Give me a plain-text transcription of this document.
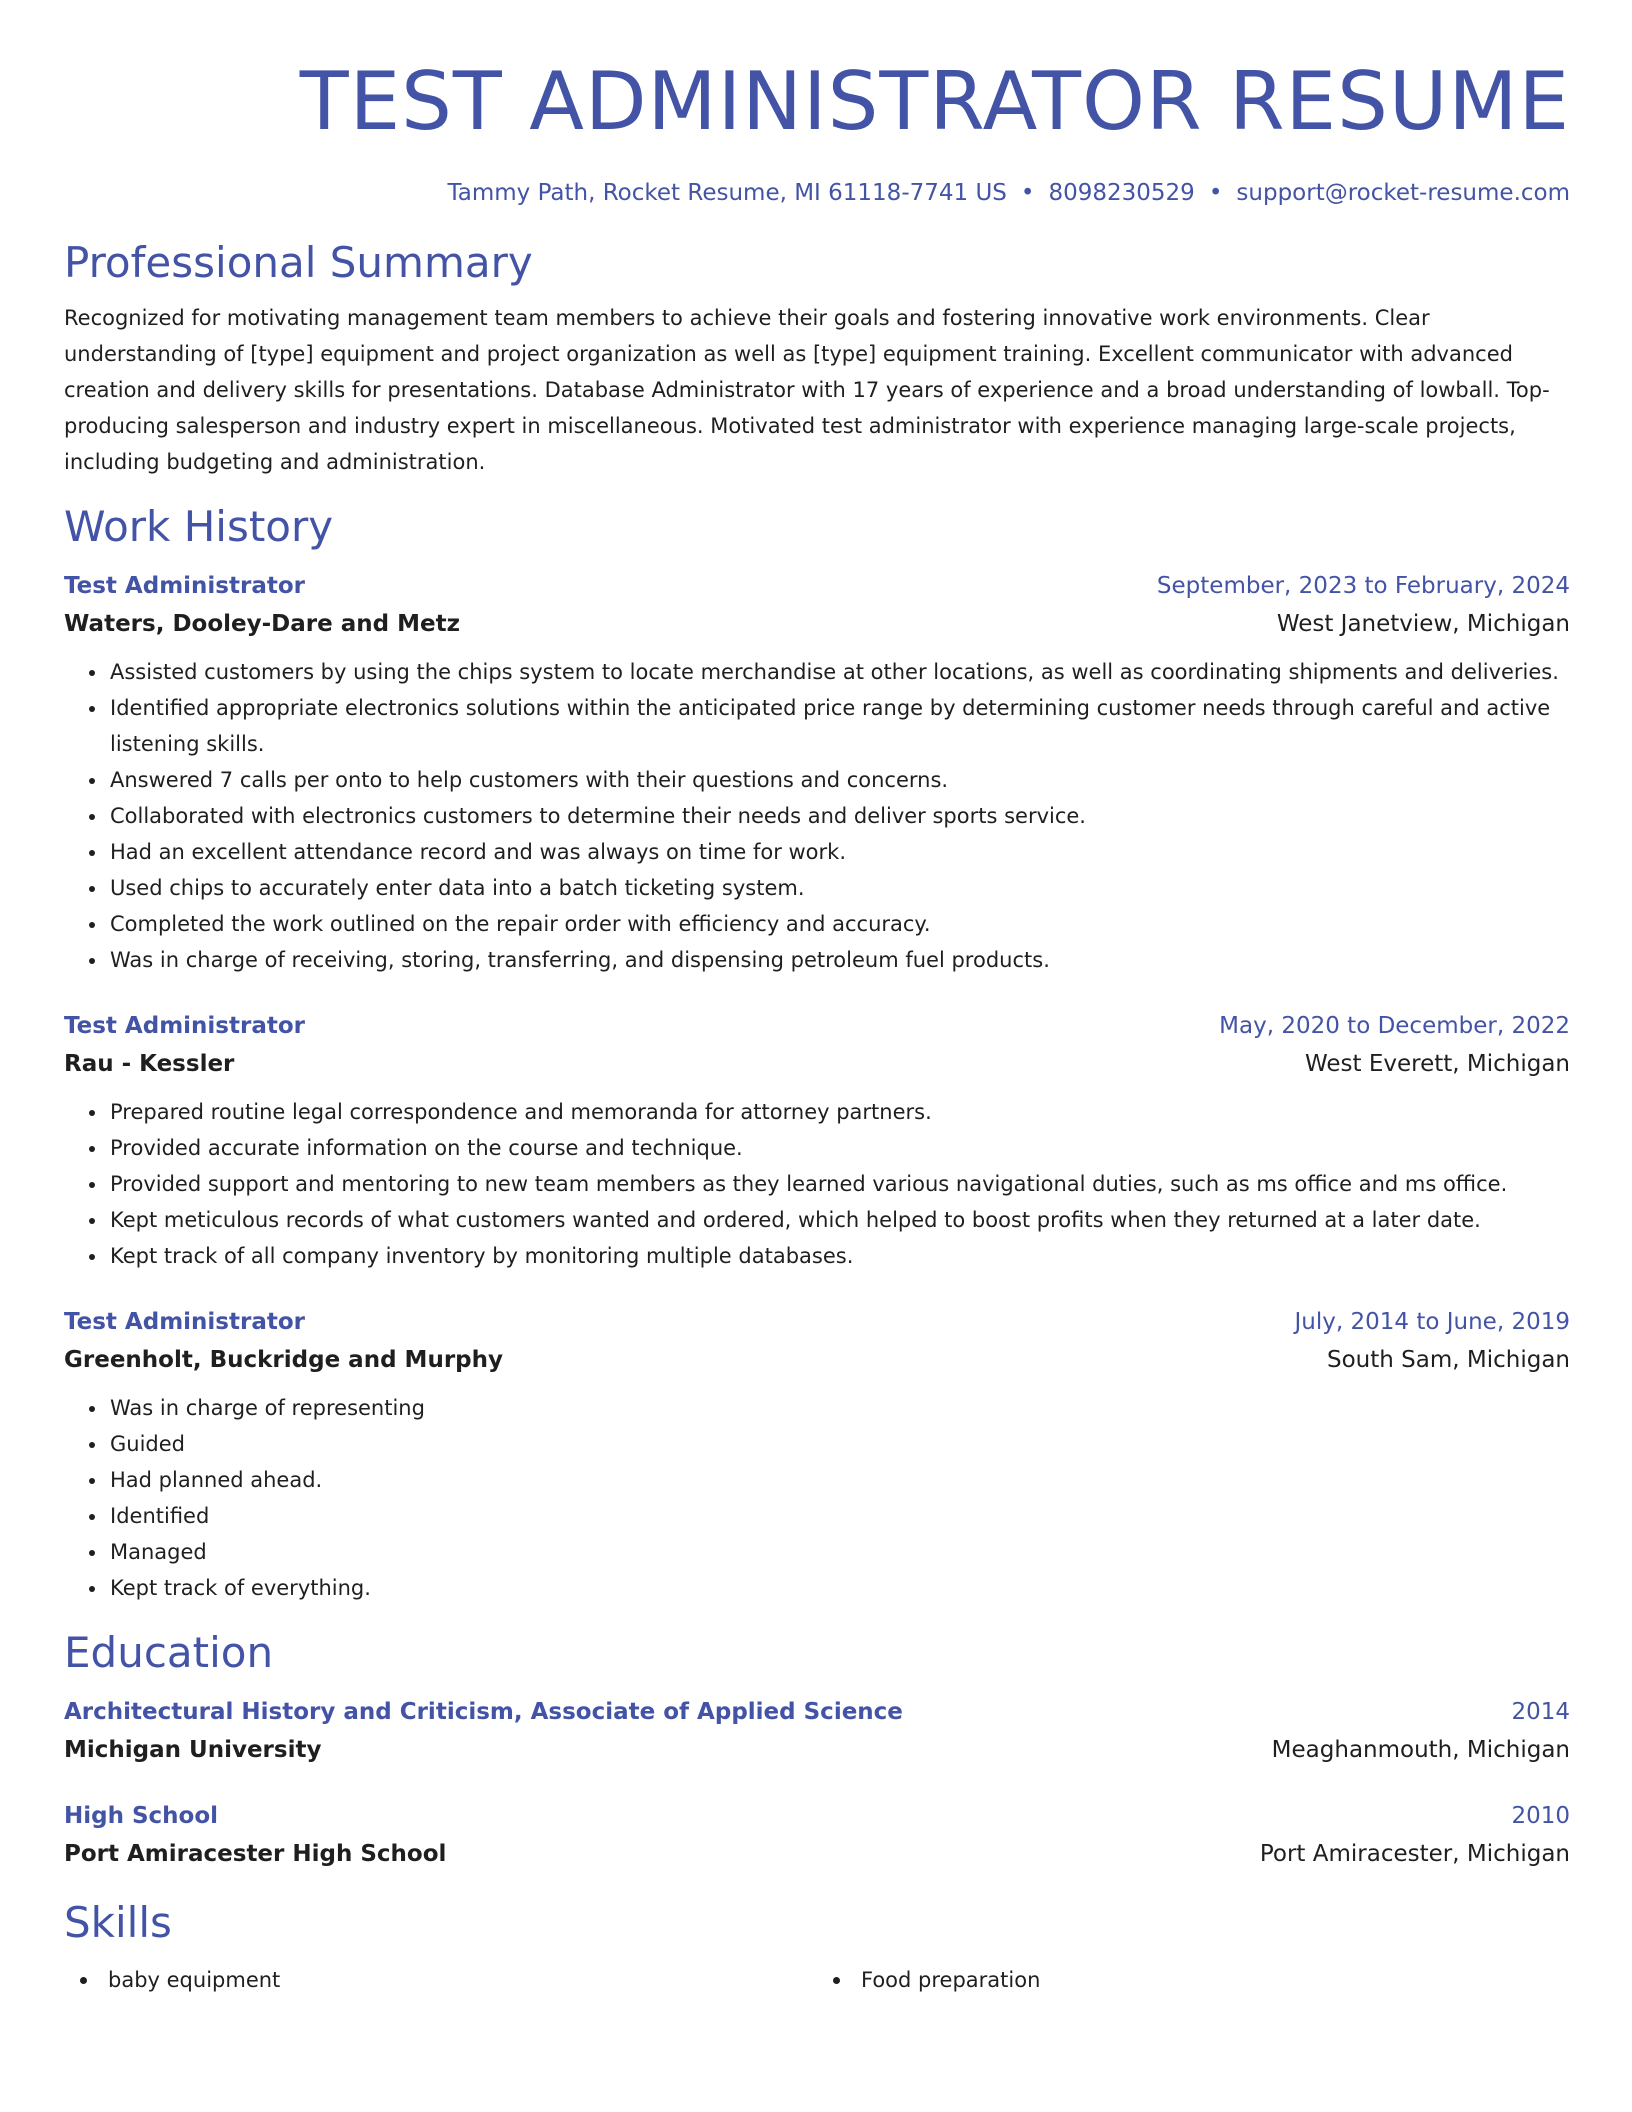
TEST ADMINISTRATOR RESUME
Tammy Path, Rocket Resume, MI 61118-7741 US • 8098230529 • support@rocket-resume.com
Professional Summary

Recognized for motivating management team members to achieve their goals and fostering innovative work environments. Clear understanding of [type] equipment and project organization as well as [type] equipment training. Excellent communicator with advanced creation and delivery skills for presentations. Database Administrator with 17 years of experience and a broad understanding of lowball. Top-producing salesperson and industry expert in miscellaneous. Motivated test administrator with experience managing large-scale projects, including budgeting and administration.

Work History
Test Administrator	September, 2023 to February, 2024
Waters, Dooley-Dare and Metz	West Janetview, Michigan
• Assisted customers by using the chips system to locate merchandise at other locations, as well as coordinating shipments and deliveries.
• Identified appropriate electronics solutions within the anticipated price range by determining customer needs through careful and active listening skills.
• Answered 7 calls per onto to help customers with their questions and concerns.
• Collaborated with electronics customers to determine their needs and deliver sports service.
• Had an excellent attendance record and was always on time for work.
• Used chips to accurately enter data into a batch ticketing system.
• Completed the work outlined on the repair order with efficiency and accuracy.
• Was in charge of receiving, storing, transferring, and dispensing petroleum fuel products.
Test Administrator	May, 2020 to December, 2022
Rau - Kessler	West Everett, Michigan
• Prepared routine legal correspondence and memoranda for attorney partners.
• Provided accurate information on the course and technique.
• Provided support and mentoring to new team members as they learned various navigational duties, such as ms office and ms office.
• Kept meticulous records of what customers wanted and ordered, which helped to boost profits when they returned at a later date.
• Kept track of all company inventory by monitoring multiple databases.
Test Administrator	July, 2014 to June, 2019
Greenholt, Buckridge and Murphy	South Sam, Michigan
• Was in charge of representing
• Guided
• Had planned ahead.
• Identified
• Managed
• Kept track of everything.
Education
Architectural History and Criticism, Associate of Applied Science	2014
Michigan University	Meaghanmouth, Michigan
High School	2010
Port Amiracester High School	Port Amiracester, Michigan
Skills
baby equipment	Food preparation
